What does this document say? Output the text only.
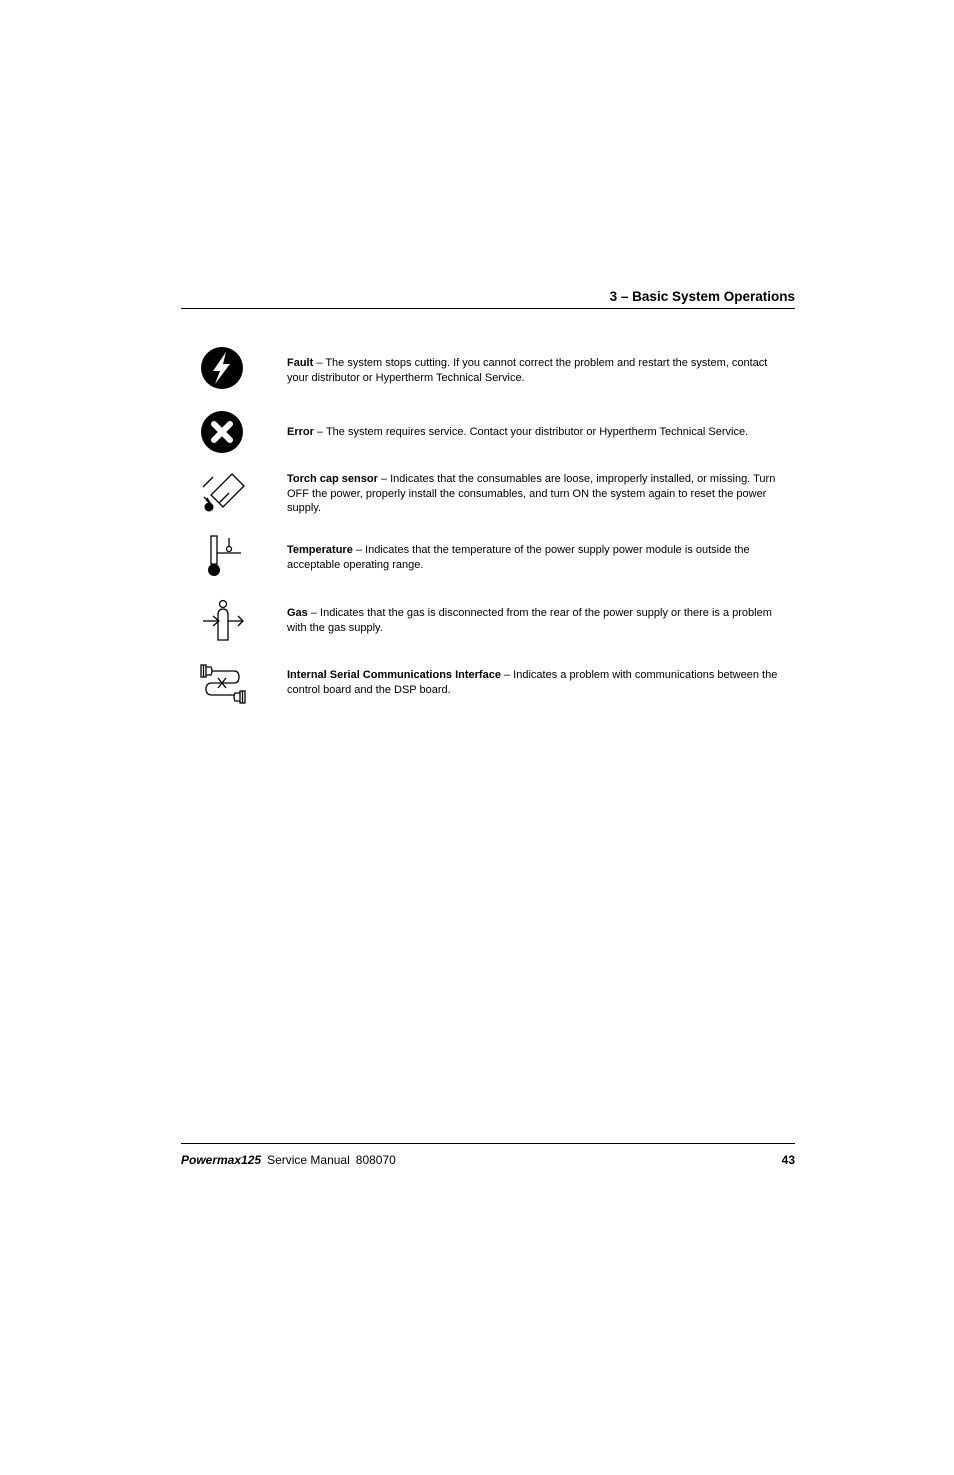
3 – Basic System Operations
Fault – The system stops cutting. If you cannot correct the problem and restart the system, contact your distributor or Hypertherm Technical Service.
Error – The system requires service. Contact your distributor or Hypertherm Technical Service.
Torch cap sensor – Indicates that the consumables are loose, improperly installed, or missing. Turn OFF the power, properly install the consumables, and turn ON the system again to reset the power supply.
Temperature – Indicates that the temperature of the power supply power module is outside the acceptable operating range.
Gas – Indicates that the gas is disconnected from the rear of the power supply or there is a problem with the gas supply.
Internal Serial Communications Interface – Indicates a problem with communications between the control board and the DSP board.
Powermax125 Service Manual 808070	43
